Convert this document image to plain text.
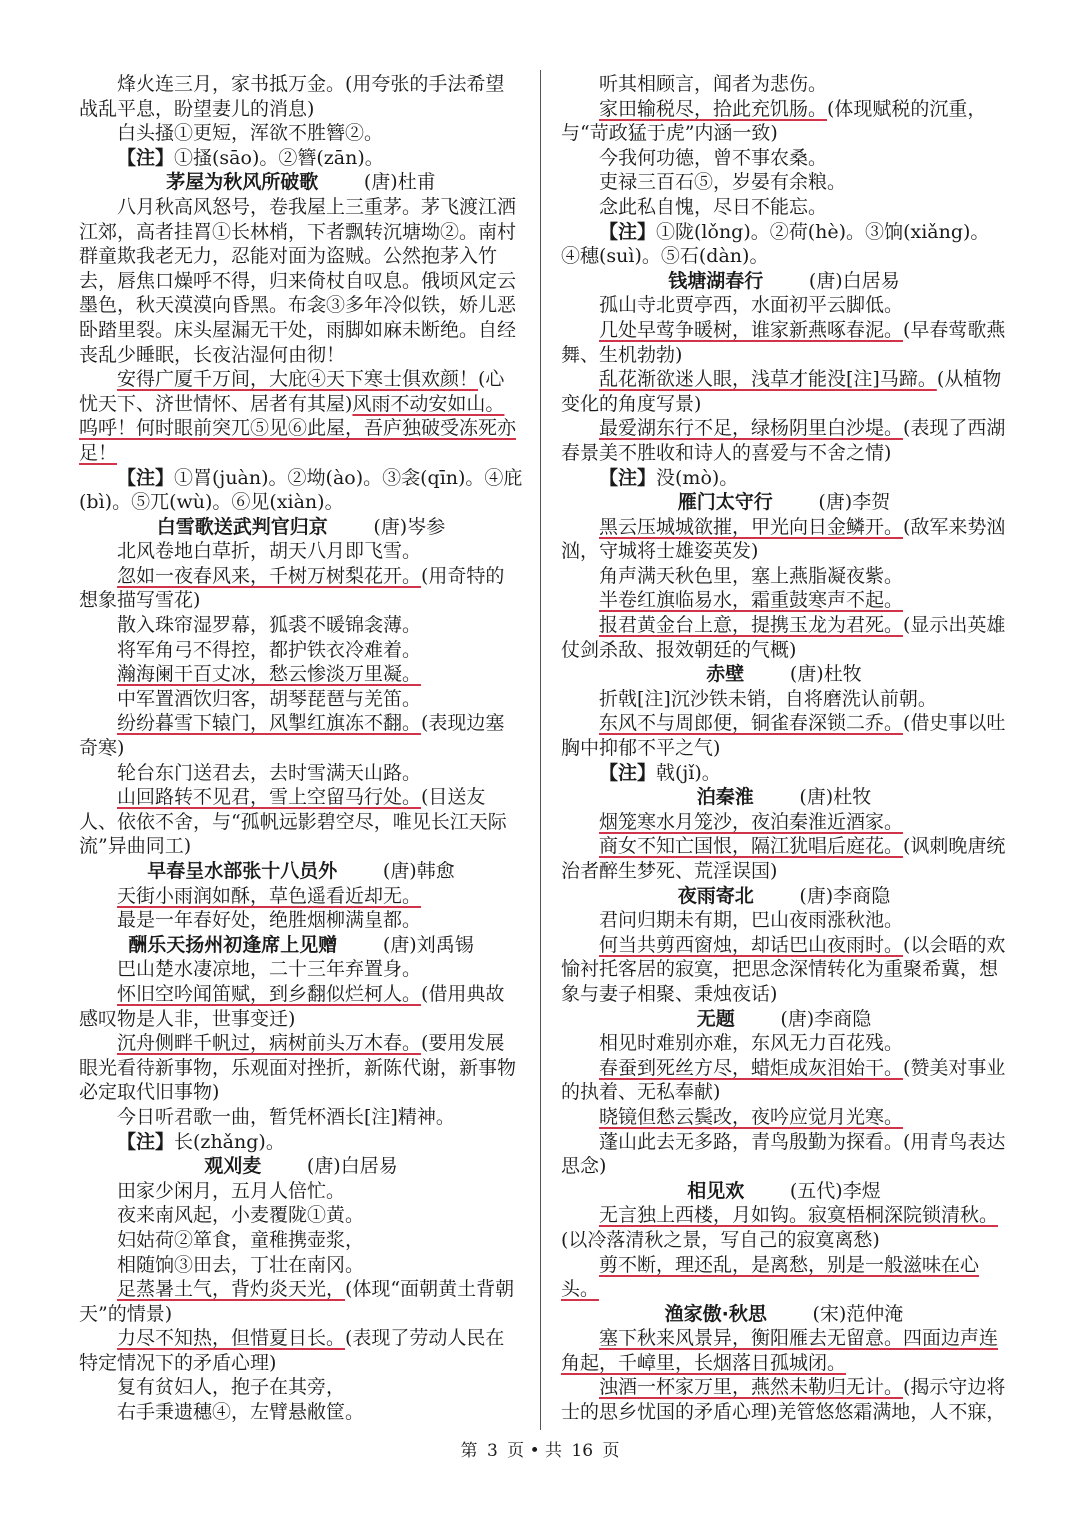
烽火连三月，家书抵万金。(用夸张的手法希望战乱平息，盼望妻儿的消息)

白头搔①更短，浑欲不胜簪②。

【注】①搔(sāo)。②簪(zān)。

茅屋为秋风所破歌 (唐)杜甫

八月秋高风怒号，卷我屋上三重茅。茅飞渡江洒江郊，高者挂罥①长林梢，下者飘转沉塘坳②。南村群童欺我老无力，忍能对面为盗贼。公然抱茅入竹去，唇焦口燥呼不得，归来倚杖自叹息。俄顷风定云墨色，秋天漠漠向昏黑。布衾③多年冷似铁，娇儿恶卧踏里裂。床头屋漏无干处，雨脚如麻未断绝。自经丧乱少睡眠，长夜沾湿何由彻！

安得广厦千万间，大庇④天下寒士俱欢颜！(心忧天下、济世情怀、居者有其屋)风雨不动安如山。呜呼！何时眼前突兀⑤见⑥此屋，吾庐独破受冻死亦足！

【注】①罥(juàn)。②坳(ào)。③衾(qīn)。④庇(bì)。⑤兀(wù)。⑥见(xiàn)。

白雪歌送武判官归京 (唐)岑参

北风卷地白草折，胡天八月即飞雪。

忽如一夜春风来，千树万树梨花开。(用奇特的想象描写雪花)

散入珠帘湿罗幕，狐裘不暖锦衾薄。

将军角弓不得控，都护铁衣冷难着。

瀚海阑干百丈冰，愁云惨淡万里凝。

中军置酒饮归客，胡琴琵琶与羌笛。

纷纷暮雪下辕门，风掣红旗冻不翻。(表现边塞奇寒)

轮台东门送君去，去时雪满天山路。

山回路转不见君，雪上空留马行处。(目送友人、依依不舍，与“孤帆远影碧空尽，唯见长江天际流”异曲同工)

早春呈水部张十八员外 (唐)韩愈

天街小雨润如酥，草色遥看近却无。

最是一年春好处，绝胜烟柳满皇都。

酬乐天扬州初逢席上见赠 (唐)刘禹锡

巴山楚水凄凉地，二十三年弃置身。

怀旧空吟闻笛赋，到乡翻似烂柯人。(借用典故感叹物是人非，世事变迁)

沉舟侧畔千帆过，病树前头万木春。(要用发展眼光看待新事物，乐观面对挫折，新陈代谢，新事物必定取代旧事物)

今日听君歌一曲，暂凭杯酒长[注]精神。

【注】长(zhǎng)。

观刈麦 (唐)白居易

田家少闲月，五月人倍忙。

夜来南风起，小麦覆陇①黄。

妇姑荷②箪食，童稚携壶浆，

相随饷③田去，丁壮在南冈。

足蒸暑土气，背灼炎天光，(体现“面朝黄土背朝天”的情景)

力尽不知热，但惜夏日长。(表现了劳动人民在特定情况下的矛盾心理)

复有贫妇人，抱子在其旁，

右手秉遗穗④，左臂悬敝筐。

听其相顾言，闻者为悲伤。

家田输税尽，拾此充饥肠。(体现赋税的沉重，与“苛政猛于虎”内涵一致)

今我何功德，曾不事农桑。

吏禄三百石⑤，岁晏有余粮。

念此私自愧，尽日不能忘。

【注】①陇(lǒng)。②荷(hè)。③饷(xiǎng)。④穗(suì)。⑤石(dàn)。

钱塘湖春行 (唐)白居易

孤山寺北贾亭西，水面初平云脚低。

几处早莺争暖树，谁家新燕啄春泥。(早春莺歌燕舞、生机勃勃)

乱花渐欲迷人眼，浅草才能没[注]马蹄。(从植物变化的角度写景)

最爱湖东行不足，绿杨阴里白沙堤。(表现了西湖春景美不胜收和诗人的喜爱与不舍之情)

【注】没(mò)。

雁门太守行 (唐)李贺

黑云压城城欲摧，甲光向日金鳞开。(敌军来势汹汹，守城将士雄姿英发)

角声满天秋色里，塞上燕脂凝夜紫。

半卷红旗临易水，霜重鼓寒声不起。

报君黄金台上意，提携玉龙为君死。(显示出英雄仗剑杀敌、报效朝廷的气概)

赤壁 (唐)杜牧

折戟[注]沉沙铁未销，自将磨洗认前朝。

东风不与周郎便，铜雀春深锁二乔。(借史事以吐胸中抑郁不平之气)

【注】戟(jǐ)。

泊秦淮 (唐)杜牧

烟笼寒水月笼沙，夜泊秦淮近酒家。

商女不知亡国恨，隔江犹唱后庭花。(讽刺晚唐统治者醉生梦死、荒淫误国)

夜雨寄北 (唐)李商隐

君问归期未有期，巴山夜雨涨秋池。

何当共剪西窗烛，却话巴山夜雨时。(以会晤的欢愉衬托客居的寂寞，把思念深情转化为重聚希冀，想象与妻子相聚、秉烛夜话)

无题 (唐)李商隐

相见时难别亦难，东风无力百花残。

春蚕到死丝方尽，蜡炬成灰泪始干。(赞美对事业的执着、无私奉献)

晓镜但愁云鬓改，夜吟应觉月光寒。

蓬山此去无多路，青鸟殷勤为探看。(用青鸟表达思念)

相见欢 (五代)李煜

无言独上西楼，月如钩。寂寞梧桐深院锁清秋。(以冷落清秋之景，写自己的寂寞离愁)

剪不断，理还乱，是离愁，别是一般滋味在心头。

渔家傲·秋思 (宋)范仲淹

塞下秋来风景异，衡阳雁去无留意。四面边声连角起，千嶂里，长烟落日孤城闭。

浊酒一杯家万里，燕然未勒归无计。(揭示守边将士的思乡忧国的矛盾心理)羌管悠悠霜满地，人不寐，

第 3 页 • 共 16 页
